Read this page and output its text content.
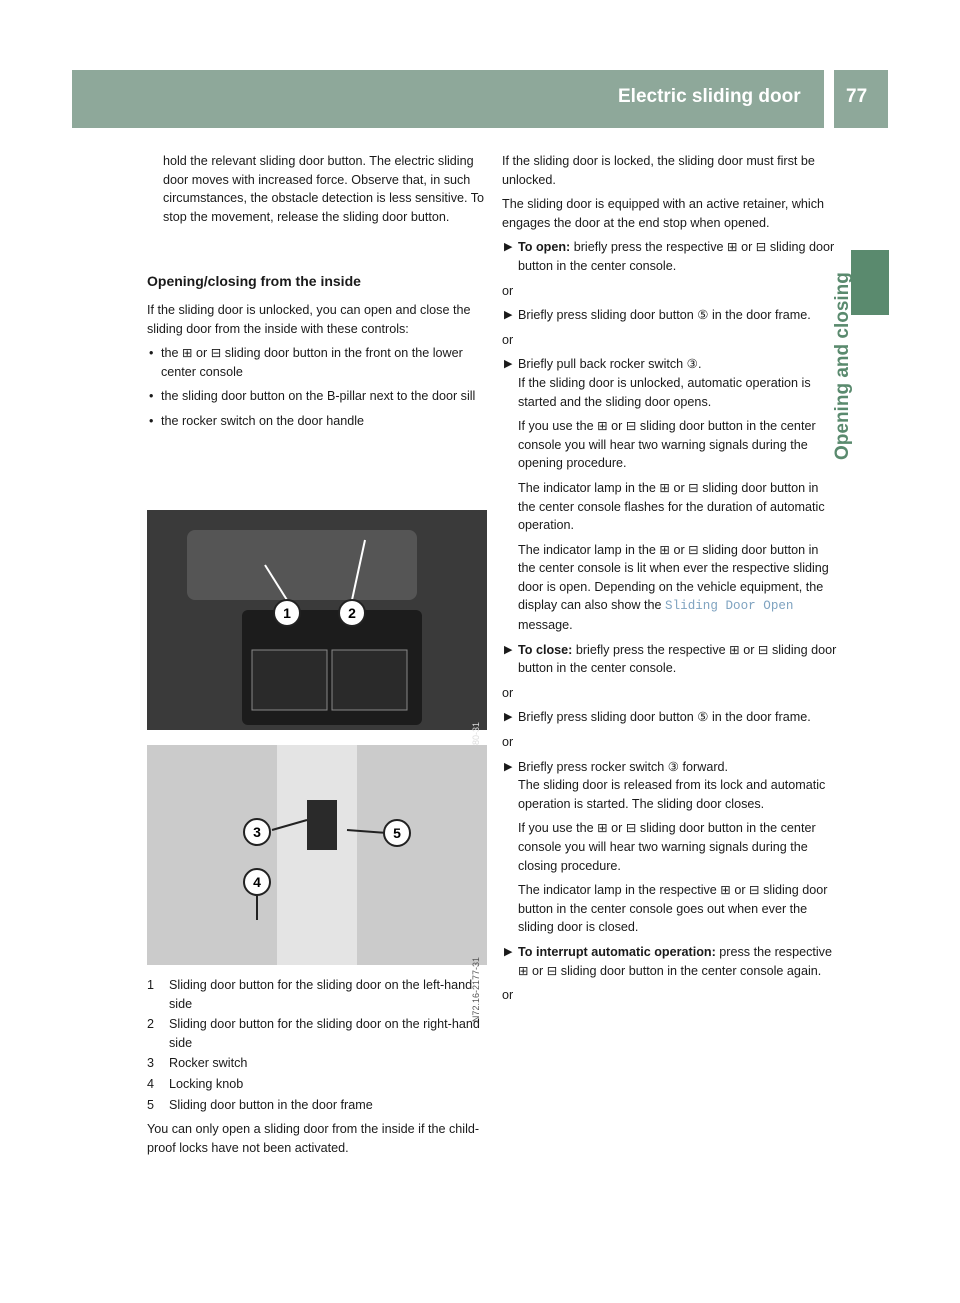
Electric sliding door 77
Opening and closing

hold the relevant sliding door button. The electric sliding door moves with increased force. Observe that, in such circumstances, the obstacle detection is less sensitive. To stop the movement, release the sliding door button.

Opening/closing from the inside

If the sliding door is unlocked, you can open and close the sliding door from the inside with these controls:

• the ⊞ or ⊟ sliding door button in the front on the lower center console

• the sliding door button on the B-pillar next to the door sill

• the rocker switch on the door handle

1	2
3
4
5
N72.16-2177-31
1 Sliding door button for the sliding door on the left-hand side
2 Sliding door button for the sliding door on the right-hand side
3 Rocker switch
4 Locking knob
5 Sliding door button in the door frame

You can only open a sliding door from the inside if the child-proof locks have not been activated.

If the sliding door is locked, the sliding door must first be unlocked.

The sliding door is equipped with an active retainer, which engages the door at the end stop when opened.

▶ To open: briefly press the respective ⊞ or ⊟ sliding door button in the center console.

or

▶ Briefly press sliding door button ⑤ in the door frame.

or

▶ Briefly pull back rocker switch ③.
If the sliding door is unlocked, automatic operation is started and the sliding door opens.

If you use the ⊞ or ⊟ sliding door button in the center console you will hear two warning signals during the opening procedure.

The indicator lamp in the ⊞ or ⊟ sliding door button in the center console flashes for the duration of automatic operation.

The indicator lamp in the ⊞ or ⊟ sliding door button in the center console is lit when ever the respective sliding door is open. Depending on the vehicle equipment, the display can also show the Sliding Door Open message.

▶ To close: briefly press the respective ⊞ or ⊟ sliding door button in the center console.

or

▶ Briefly press sliding door button ⑤ in the door frame.

or

▶ Briefly press rocker switch ③ forward.
The sliding door is released from its lock and automatic operation is started. The sliding door closes.

If you use the ⊞ or ⊟ sliding door button in the center console you will hear two warning signals during the closing procedure.

The indicator lamp in the respective ⊞ or ⊟ sliding door button in the center console goes out when ever the sliding door is closed.

▶ To interrupt automatic operation: press the respective ⊞ or ⊟ sliding door button in the center console again.

or
